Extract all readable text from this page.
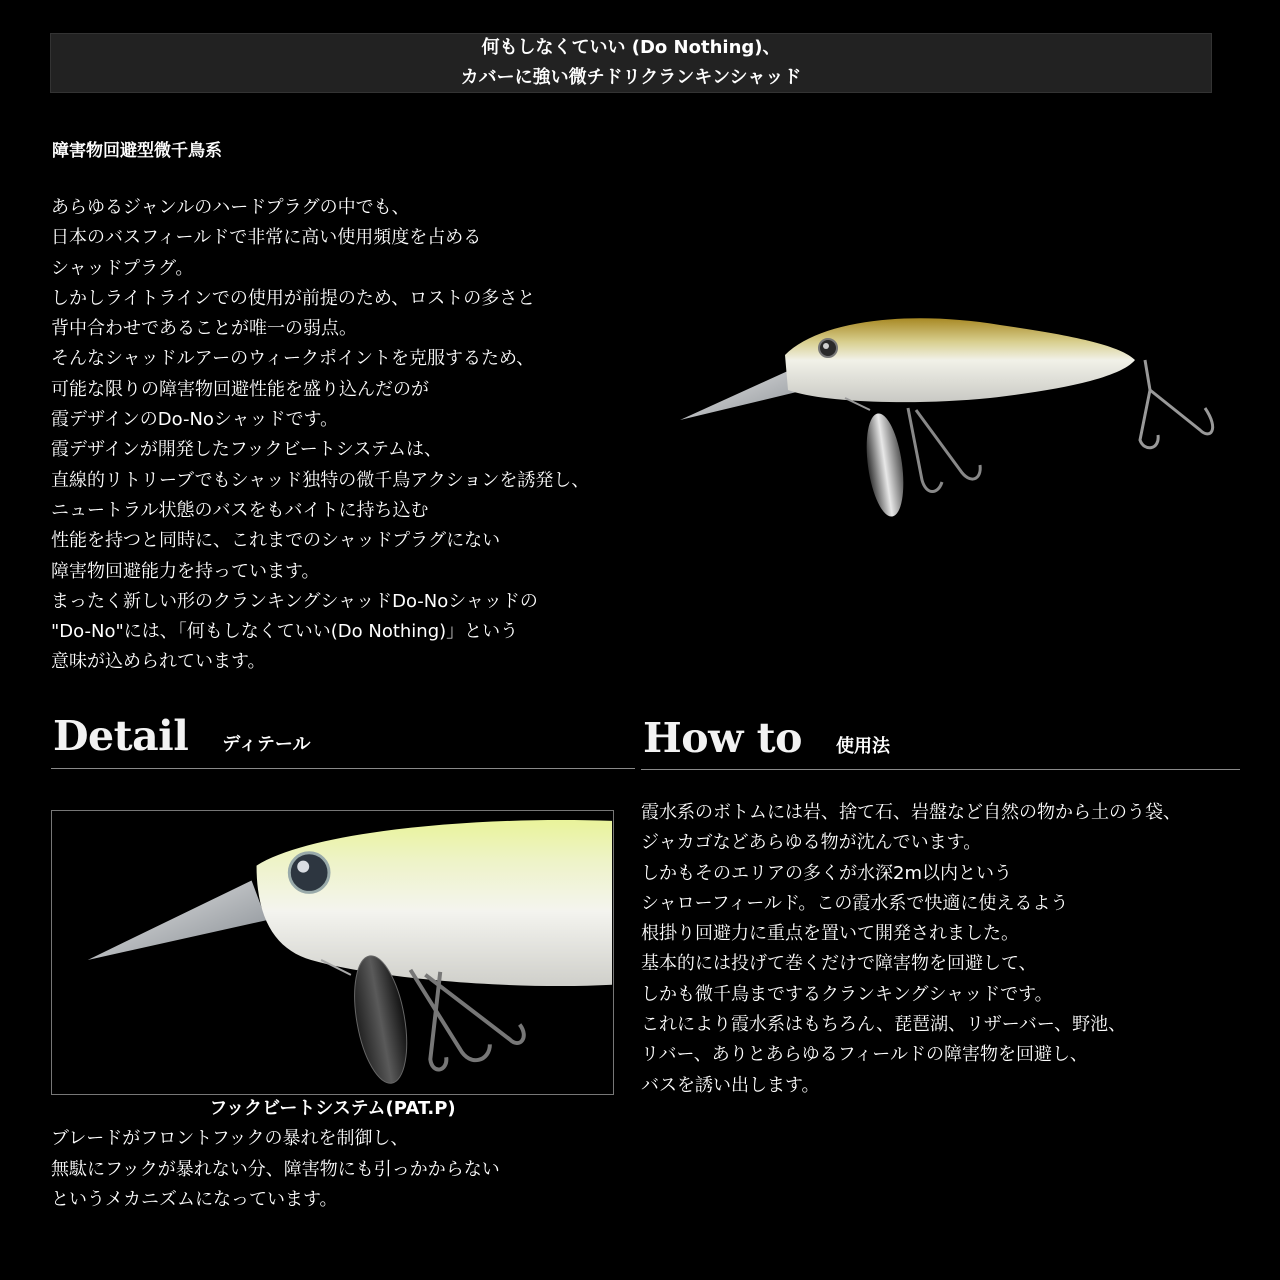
何もしなくていい (Do Nothing)、
カバーに強い微チドリクランキンシャッド
障害物回避型微千鳥系
あらゆるジャンルのハードプラグの中でも、
日本のバスフィールドで非常に高い使用頻度を占める
シャッドプラグ。
しかしライトラインでの使用が前提のため、ロストの多さと
背中合わせであることが唯一の弱点。
そんなシャッドルアーのウィークポイントを克服するため、
可能な限りの障害物回避性能を盛り込んだのが
霞デザインのDo-Noシャッドです。
霞デザインが開発したフックビートシステムは、
直線的リトリーブでもシャッド独特の微千鳥アクションを誘発し、
ニュートラル状態のバスをもバイトに持ち込む
性能を持つと同時に、これまでのシャッドプラグにない
障害物回避能力を持っています。
まったく新しい形のクランキングシャッドDo-Noシャッドの
"Do-No"には、「何もしなくていい(Do Nothing)」という
意味が込められています。
Detail ディテール
フックビートシステム(PAT.P)
ブレードがフロントフックの暴れを制御し、
無駄にフックが暴れない分、障害物にも引っかからない
というメカニズムになっています。
How to 使用法
霞水系のボトムには岩、捨て石、岩盤など自然の物から土のう袋、
ジャカゴなどあらゆる物が沈んでいます。
しかもそのエリアの多くが水深2m以内という
シャローフィールド。この霞水系で快適に使えるよう
根掛り回避力に重点を置いて開発されました。
基本的には投げて巻くだけで障害物を回避して、
しかも微千鳥までするクランキングシャッドです。
これにより霞水系はもちろん、琵琶湖、リザーバー、野池、
リバー、ありとあらゆるフィールドの障害物を回避し、
バスを誘い出します。
